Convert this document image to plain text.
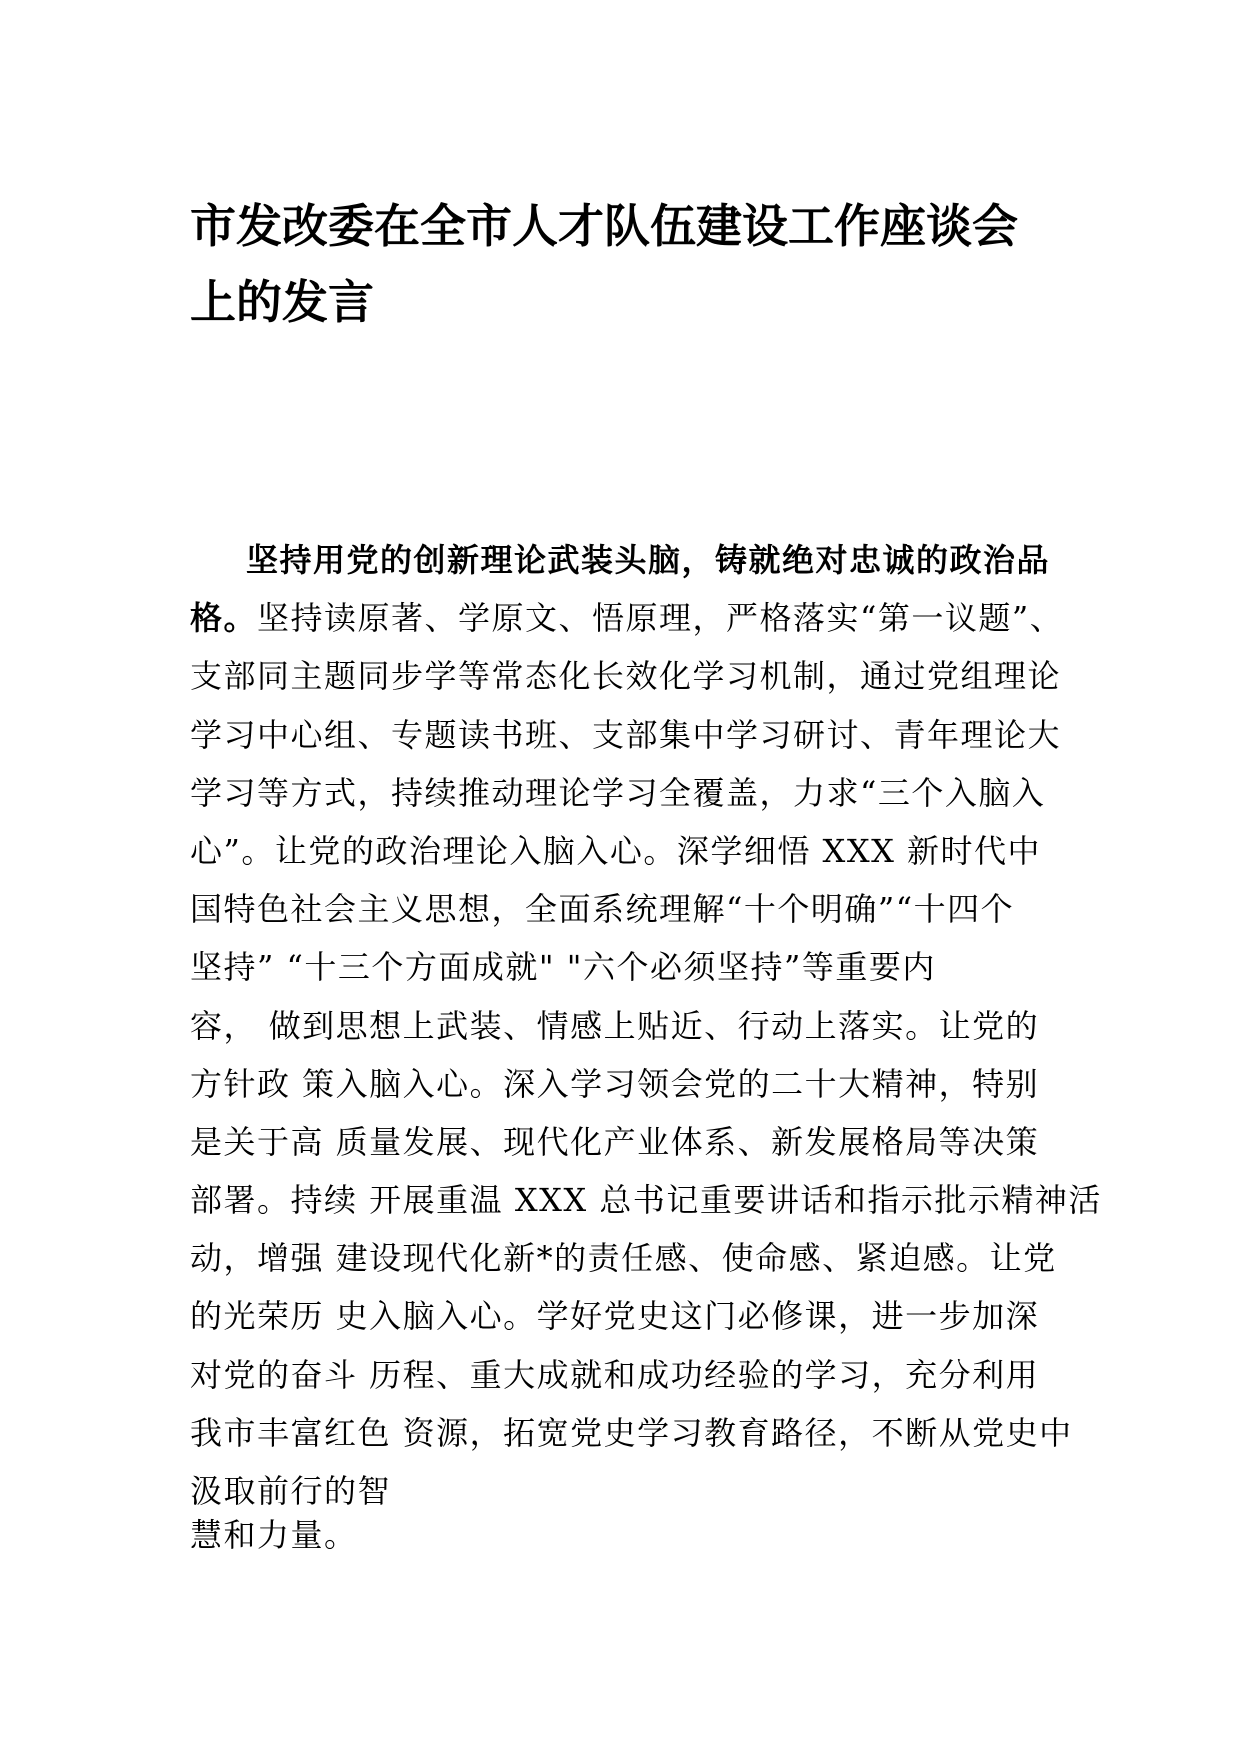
市发改委在全市人才队伍建设工作座谈会
上的发言
坚持用党的创新理论武装头脑，铸就绝对忠诚的政治品
格。坚持读原著、学原文、悟原理，严格落实“第一议题”、
支部同主题同步学等常态化长效化学习机制，通过党组理论
学习中心组、专题读书班、支部集中学习研讨、青年理论大
学习等方式，持续推动理论学习全覆盖，力求“三个入脑入
心”。让党的政治理论入脑入心。深学细悟 XXX 新时代中
国特色社会主义思想，全面系统理解“十个明确”“十四个
坚持” “十三个方面成就" "六个必须坚持”等重要内
容， 做到思想上武装、情感上贴近、行动上落实。让党的
方针政 策入脑入心。深入学习领会党的二十大精神，特别
是关于高 质量发展、现代化产业体系、新发展格局等决策
部署。持续 开展重温 XXX 总书记重要讲话和指示批示精神活
动，增强 建设现代化新*的责任感、使命感、紧迫感。让党
的光荣历 史入脑入心。学好党史这门必修课，进一步加深
对党的奋斗 历程、重大成就和成功经验的学习，充分利用
我市丰富红色 资源，拓宽党史学习教育路径，不断从党史中
汲取前行的智
慧和力量。
